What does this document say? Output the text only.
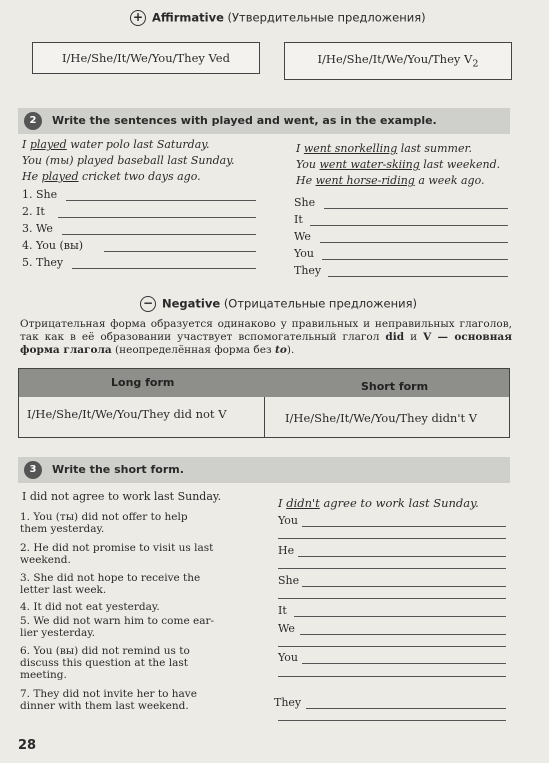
+ Affirmative (Утвердительные предложения)
I/He/She/It/We/You/They Ved	I/He/She/It/We/You/They $V_2$
2	Write the sentences with played and went, as in the example.
I played water polo last Saturday.
You (ты) played baseball last Sunday.
He played cricket two days ago.
I went snorkelling last summer.
You went water-skiing last weekend.
He went horse-riding a week ago.
1. She
2. It
3. We
4. You (вы)
5. They
She
It
We
You
They
− Negative (Отрицательные предложения)
Отрицательная форма образуется одинаково у правильных и неправильных глаголов, так как в её образовании участвует вспомогательный глагол did и V — основная форма глагола (неопределённая форма без to).
Long form	Short form
I/He/She/It/We/You/They did not V	I/He/She/It/We/You/They didn't V
3	Write the short form.
I did not agree to work last Sunday.	I didn't agree to work last Sunday.
1. You (ты) did not offer to help
them yesterday.
You
2. He did not promise to visit us last
weekend.
He
3. She did not hope to receive the
letter last week.
She
4. It did not eat yesterday.	It
5. We did not warn him to come ear-
lier yesterday.	We
6. You (вы) did not remind us to
discuss this question at the last
meeting.
You
7. They did not invite her to have
dinner with them last weekend.	They
28
